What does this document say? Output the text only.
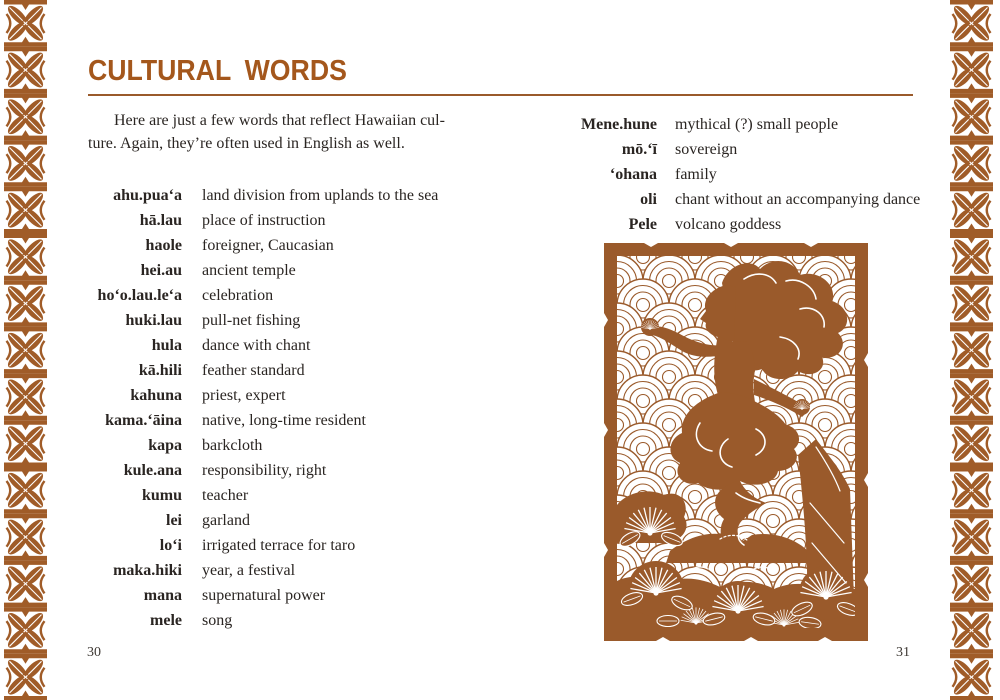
CULTURAL WORDS
Here are just a few words that reflect Hawaiian cul-
ture. Again, they’re often used in English as well.
ahu.puaʻa land division from uplands to the sea
hā.lau place of instruction
haole foreigner, Caucasian
hei.au ancient temple
hoʻo.lau.leʻa celebration
huki.lau pull-net fishing
hula dance with chant
kā.hili feather standard
kahuna priest, expert
kama.ʻāina native, long-time resident
kapa barkcloth
kule.ana responsibility, right
kumu teacher
lei garland
loʻi irrigated terrace for taro
maka.hiki year, a festival
mana supernatural power
mele song
Mene.hune mythical (?) small people
mō.ʻī sovereign
ʻohana family
oli chant without an accompanying dance
Pele volcano goddess
30	31
